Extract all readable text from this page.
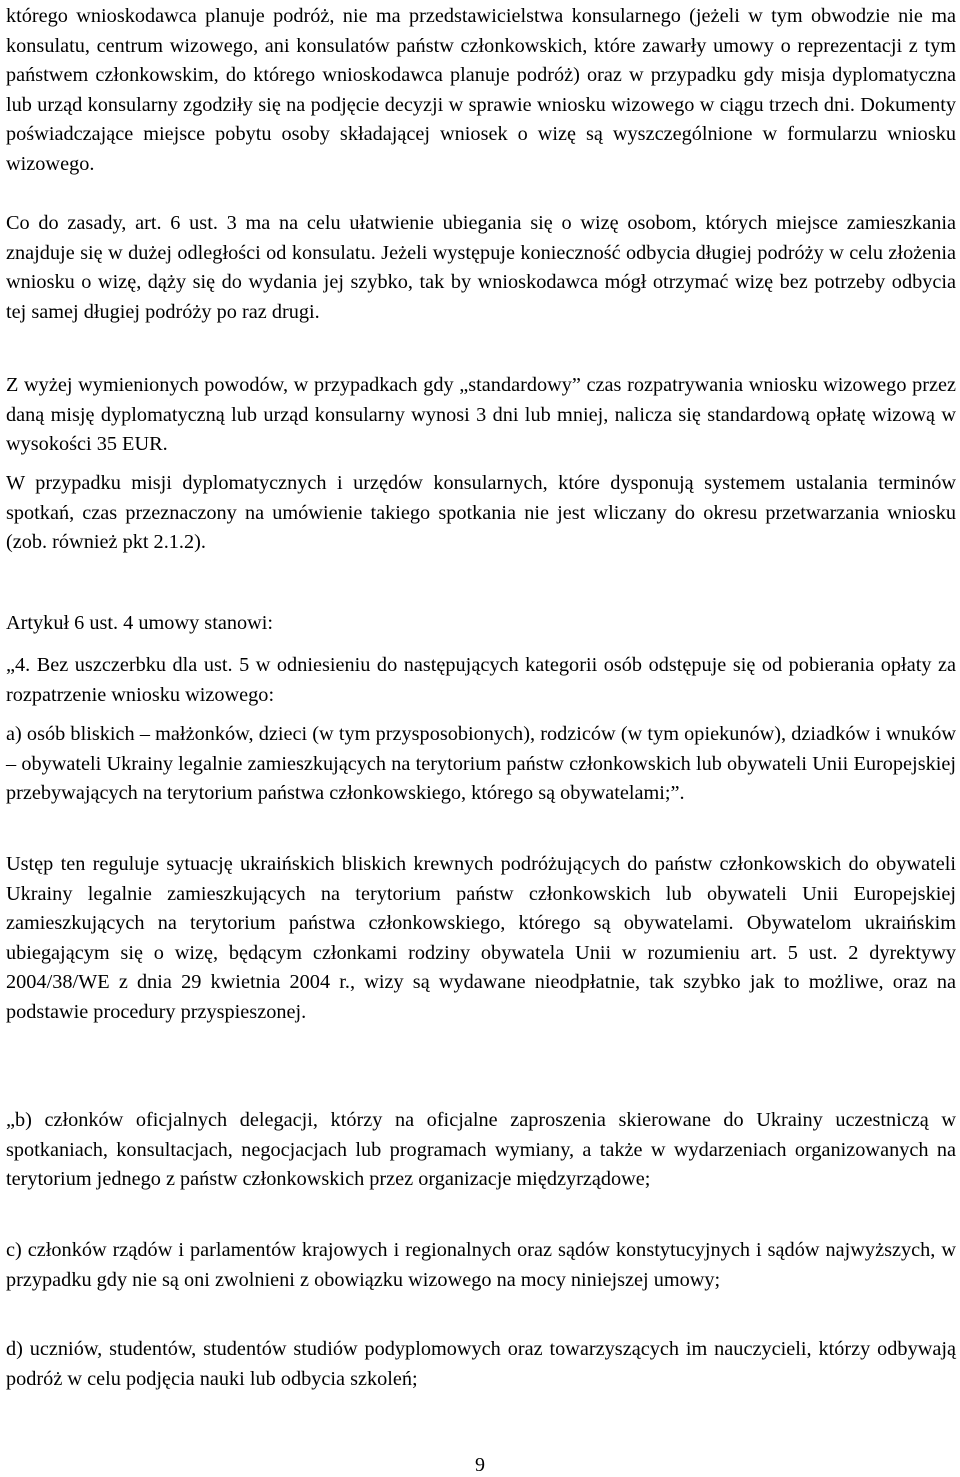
którego wnioskodawca planuje podróż, nie ma przedstawicielstwa konsularnego (jeżeli w tym obwodzie nie ma konsulatu, centrum wizowego, ani konsulatów państw członkowskich, które zawarły umowy o reprezentacji z tym państwem członkowskim, do którego wnioskodawca planuje podróż) oraz w przypadku gdy misja dyplomatyczna lub urząd konsularny zgodziły się na podjęcie decyzji w sprawie wniosku wizowego w ciągu trzech dni. Dokumenty poświadczające miejsce pobytu osoby składającej wniosek o wizę są wyszczególnione w formularzu wniosku wizowego.

Co do zasady, art. 6 ust. 3 ma na celu ułatwienie ubiegania się o wizę osobom, których miejsce zamieszkania znajduje się w dużej odległości od konsulatu. Jeżeli występuje konieczność odbycia długiej podróży w celu złożenia wniosku o wizę, dąży się do wydania jej szybko, tak by wnioskodawca mógł otrzymać wizę bez potrzeby odbycia tej samej długiej podróży po raz drugi.

Z wyżej wymienionych powodów, w przypadkach gdy „standardowy” czas rozpatrywania wniosku wizowego przez daną misję dyplomatyczną lub urząd konsularny wynosi 3 dni lub mniej, nalicza się standardową opłatę wizową w wysokości 35 EUR.

W przypadku misji dyplomatycznych i urzędów konsularnych, które dysponują systemem ustalania terminów spotkań, czas przeznaczony na umówienie takiego spotkania nie jest wliczany do okresu przetwarzania wniosku (zob. również pkt 2.1.2).

Artykuł 6 ust. 4 umowy stanowi:

„4. Bez uszczerbku dla ust. 5 w odniesieniu do następujących kategorii osób odstępuje się od pobierania opłaty za rozpatrzenie wniosku wizowego:

a) osób bliskich – małżonków, dzieci (w tym przysposobionych), rodziców (w tym opiekunów), dziadków i wnuków – obywateli Ukrainy legalnie zamieszkujących na terytorium państw członkowskich lub obywateli Unii Europejskiej przebywających na terytorium państwa członkowskiego, którego są obywatelami;”.

Ustęp ten reguluje sytuację ukraińskich bliskich krewnych podróżujących do państw członkowskich do obywateli Ukrainy legalnie zamieszkujących na terytorium państw członkowskich lub obywateli Unii Europejskiej zamieszkujących na terytorium państwa członkowskiego, którego są obywatelami. Obywatelom ukraińskim ubiegającym się o wizę, będącym członkami rodziny obywatela Unii w rozumieniu art. 5 ust. 2 dyrektywy 2004/38/WE z dnia 29 kwietnia 2004 r., wizy są wydawane nieodpłatnie, tak szybko jak to możliwe, oraz na podstawie procedury przyspieszonej.

„b) członków oficjalnych delegacji, którzy na oficjalne zaproszenia skierowane do Ukrainy uczestniczą w spotkaniach, konsultacjach, negocjacjach lub programach wymiany, a także w wydarzeniach organizowanych na terytorium jednego z państw członkowskich przez organizacje międzyrządowe;

c) członków rządów i parlamentów krajowych i regionalnych oraz sądów konstytucyjnych i sądów najwyższych, w przypadku gdy nie są oni zwolnieni z obowiązku wizowego na mocy niniejszej umowy;

d) uczniów, studentów, studentów studiów podyplomowych oraz towarzyszących im nauczycieli, którzy odbywają podróż w celu podjęcia nauki lub odbycia szkoleń;

9
